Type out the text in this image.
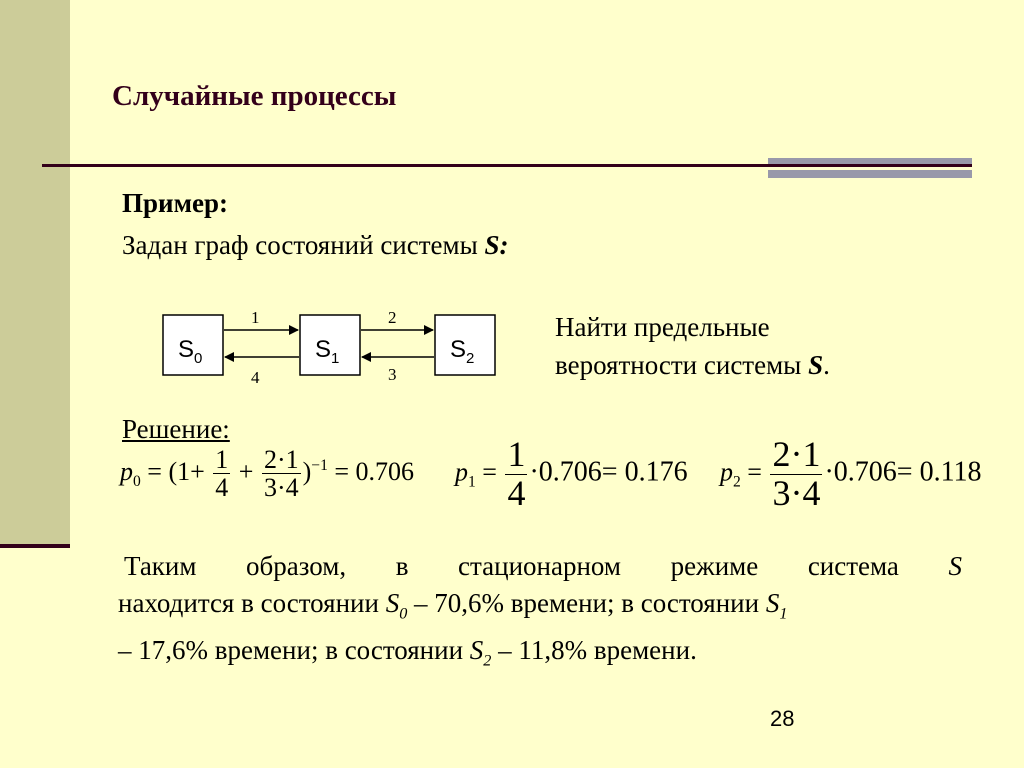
Случайные процессы
Пример:
Задан граф состояний системы S:
$S_0$	$S_1$	$S_2$
1
4
2
3
Найти предельные
вероятности системы S.
Решение:
$p_0 = (1+ \frac{1}{4} + \frac{2\cdot 1}{3\cdot 4} )^{-1} = 0.706$ $p_1 = \frac{1}{4} \cdot 0.706= 0.176$ $p_2 = \frac{2\cdot 1}{3\cdot 4} \cdot 0.706= 0.118$
Таким образом, в стационарном режиме система S
находится в состоянии $S_0 - 70,6\%$ времени; в состоянии $S_1$
– 17,6% времени; в состоянии $S_2 - 11,8\%$ времени.
28
